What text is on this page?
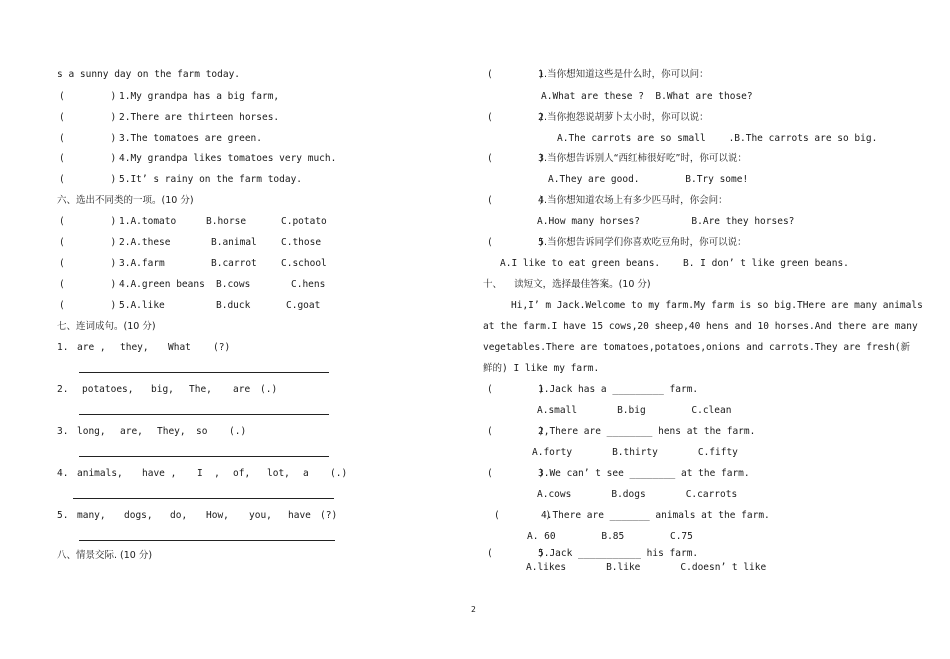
s a sunny day on the farm today.
(        ) 1.My grandpa has a big farm,
(        ) 2.There are thirteen horses.
(        ) 3.The tomatoes are green.
(        ) 4.My grandpa likes tomatoes very much.
(        ) 5.It’ s rainy on the farm today.
六、选出不同类的一项。(10 分)
(        ) 1.A.tomato	B.horse	C.potato
(        ) 2.A.these	B.animal	C.those
(        ) 3.A.farm	B.carrot	C.school
(        ) 4.A.green beans B.cows	C.hens
(        ) 5.A.like	B.duck	C.goat
七、连词成句。(10 分)
1. are , they, What (?)
2. potatoes, big, The, are (.)
3. long, are, They, so (.)
4. animals, have , I  , of, lot, a (.)
5. many, dogs, do, How, you, have (?)
八、情景交际. (10 分)
(        )
1.当你想知道这些是什么时，你可以问：
A.What are these ?  B.What are those?
(        )
2.当你抱怨说胡萝卜太小时，你可以说：
A.The carrots are so small    .B.The carrots are so big.
(        )
3.当你想告诉别人“西红柿很好吃”时，你可以说：
A.They are good.        B.Try some!
(        )
4.当你想知道农场上有多少匹马时，你会问：
A.How many horses?         B.Are they horses?
(        )
5.当你想告诉同学们你喜欢吃豆角时，你可以说：
A.I like to eat green beans.    B. I don’ t like green beans.
十、    读短文，选择最佳答案。(10 分)
Hi,I’ m Jack.Welcome to my farm.My farm is so big.THere are many animals
at the farm.I have 15 cows,20 sheep,40 hens and 10 horses.And there are many
vegetables.There are tomatoes,potatoes,onions and carrots.They are fresh(新
鲜的) I like my farm.
(        )
1.Jack has a _________ farm.
A.small       B.big        C.clean
(        )
2,There are ________ hens at the farm.
A.forty       B.thirty       C.fifty
(        )
3.We can’ t see ________ at the farm.
A.cows       B.dogs       C.carrots
(        )
4.There are _______ animals at the farm.
A. 60        B.85        C.75
(        )
5.Jack ___________ his farm.
A.likes       B.like       C.doesn’ t like
2
